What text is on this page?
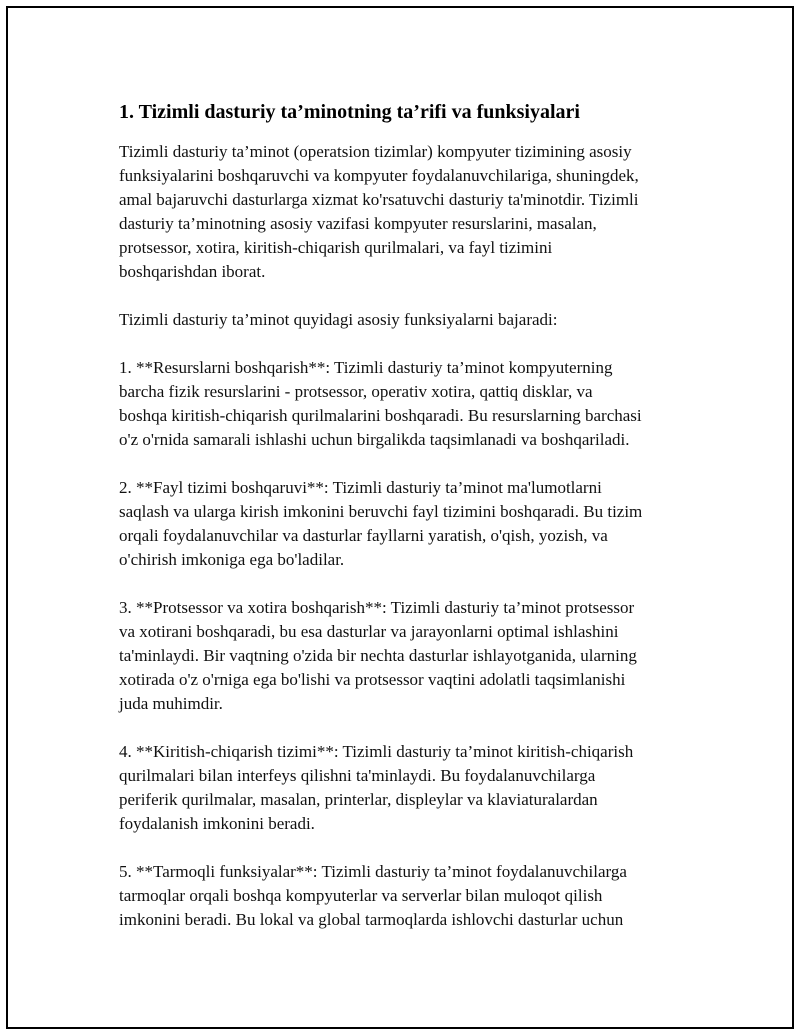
1. Tizimli dasturiy ta’minotning ta’rifi va funksiyalari

Tizimli dasturiy ta’minot (operatsion tizimlar) kompyuter tizimining asosiy
funksiyalarini boshqaruvchi va kompyuter foydalanuvchilariga, shuningdek,
amal bajaruvchi dasturlarga xizmat ko'rsatuvchi dasturiy ta'minotdir. Tizimli
dasturiy ta’minotning asosiy vazifasi kompyuter resurslarini, masalan,
protsessor, xotira, kiritish-chiqarish qurilmalari, va fayl tizimini
boshqarishdan iborat.

Tizimli dasturiy ta’minot quyidagi asosiy funksiyalarni bajaradi:

1. **Resurslarni boshqarish**: Tizimli dasturiy ta’minot kompyuterning
barcha fizik resurslarini - protsessor, operativ xotira, qattiq disklar, va
boshqa kiritish-chiqarish qurilmalarini boshqaradi. Bu resurslarning barchasi
o'z o'rnida samarali ishlashi uchun birgalikda taqsimlanadi va boshqariladi.

2. **Fayl tizimi boshqaruvi**: Tizimli dasturiy ta’minot ma'lumotlarni
saqlash va ularga kirish imkonini beruvchi fayl tizimini boshqaradi. Bu tizim
orqali foydalanuvchilar va dasturlar fayllarni yaratish, o'qish, yozish, va
o'chirish imkoniga ega bo'ladilar.

3. **Protsessor va xotira boshqarish**: Tizimli dasturiy ta’minot protsessor
va xotirani boshqaradi, bu esa dasturlar va jarayonlarni optimal ishlashini
ta'minlaydi. Bir vaqtning o'zida bir nechta dasturlar ishlayotganida, ularning
xotirada o'z o'rniga ega bo'lishi va protsessor vaqtini adolatli taqsimlanishi
juda muhimdir.

4. **Kiritish-chiqarish tizimi**: Tizimli dasturiy ta’minot kiritish-chiqarish
qurilmalari bilan interfeys qilishni ta'minlaydi. Bu foydalanuvchilarga
periferik qurilmalar, masalan, printerlar, displeylar va klaviaturalardan
foydalanish imkonini beradi.

5. **Tarmoqli funksiyalar**: Tizimli dasturiy ta’minot foydalanuvchilarga
tarmoqlar orqali boshqa kompyuterlar va serverlar bilan muloqot qilish
imkonini beradi. Bu lokal va global tarmoqlarda ishlovchi dasturlar uchun
